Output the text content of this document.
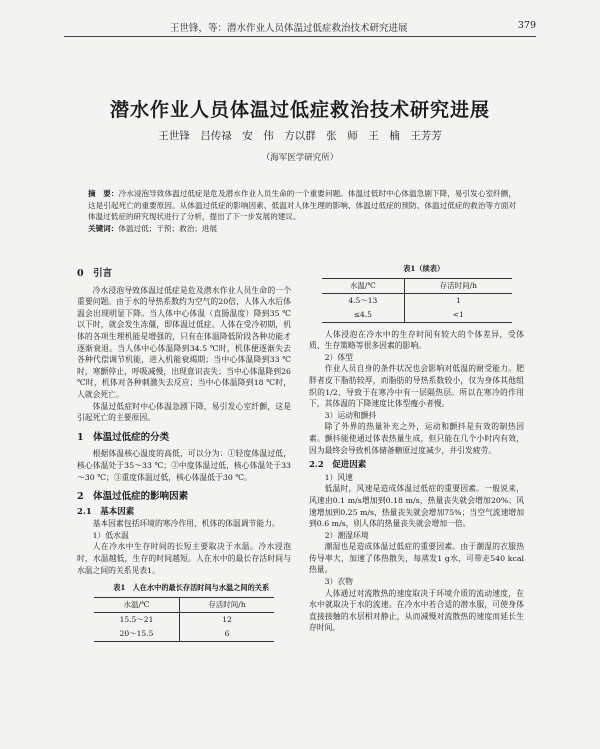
王世锋，等：潜水作业人员体温过低症救治技术研究进展	379
潜水作业人员体温过低症救治技术研究进展
王世锋　吕传禄　安　伟　方以群　张　师　王　楠　王芳芳
（海军医学研究所）
摘　要：冷水浸泡导致体温过低症是危及潜水作业人员生命的一个重要问题。体温过低时中心体温急剧下降，易引发心室纤颤，这是引起死亡的重要原因。从体温过低症的影响因素、低温对人体生理的影响、体温过低症的预防、体温过低症的救治等方面对体温过低症的研究现状进行了分析，提出了下一步发展的建议。
关键词：体温过低；干预；救治；进展

0　引言

冷水浸泡导致体温过低症是危及潜水作业人员生命的一个重要问题。由于水的导热系数约为空气的20倍，人体入水后体温会出现明显下降。当人体中心体温（直肠温度）降到35 ℃以下时，就会发生冻僵，即体温过低症。人体在受冷初期，机体的各项生理机能是增强的，只有在体温降低阶段各种功能才逐渐衰退。当人体中心体温降到34.5 ℃时，机体便逐渐失去各种代偿调节机能，进入机能衰竭期；当中心体温降到33 ℃时，寒颤停止，呼吸减慢，出现意识丧失；当中心体温降到26 ℃时，机体对各种刺激失去反应；当中心体温降到18 ℃时，人就会死亡。

体温过低症时中心体温急剧下降，易引发心室纤颤，这是引起死亡的主要原因。

1　体温过低症的分类

根据体温核心温度的高低，可以分为：①轻度体温过低，核心体温处于35～33 ℃；②中度体温过低，核心体温处于33～30 ℃；③重度体温过低，核心体温低于30 ℃。

2　体温过低症的影响因素

2.1　基本因素

基本因素包括环境的寒冷作用、机体的体温调节能力。

1）低水温

人在冷水中生存时间的长短主要取决于水温。冷水浸泡时，水温越低，生存的时间越短。人在水中的最长存活时间与水温之间的关系见表1。

表1　人在水中的最长存活时间与水温之间的关系

水温/℃	存活时间/h
15.5～21	12
20～15.5	6

表1（续表）

水温/℃	存活时间/h
4.5～13	1
≤4.5	<1

人体浸泡在冷水中的生存时间有较大的个体差异，受体质、生存策略等很多因素的影响。

2）体型

作业人员自身的条件状况也会影响对低温的耐受能力。肥胖者皮下脂肪较厚，而脂肪的导热系数较小，仅为身体其他组织的1/2，导致于在寒冷中有一层隔热层。所以在寒冷的作用下，其体温的下降速度比体型瘦小者慢。

3）运动和颤抖

除了外界的热量补充之外，运动和颤抖是有效的制热因素。颤抖能使通过体表热量生成，但只能在几个小时内有效，因为最终会导致机体储备糖原过度减少，并引发疲劳。

2.2　促进因素

1）风速

低温时，风速是造成体温过低症的重要因素。一般说来，风速由0.1 m/s增加到0.18 m/s，热量丧失就会增加20%；风速增加到0.25 m/s，热量丧失就会增加75%；当空气流速增加到0.6 m/s，则人体的热量丧失就会增加一倍。

2）潮湿环境

潮湿也是造成体温过低症的重要因素。由于潮湿的衣服热传导率大，加速了体热散失，每蒸发1 g水，可带走540 kcal热量。

3）衣物

人体通过对流散热的速度取决于环境介质的流动速度，在水中就取决于水的流速。在冷水中若合适的潜水服，可使身体直接接触的水层相对静止，从而减慢对流散热的速度而延长生存时间。
